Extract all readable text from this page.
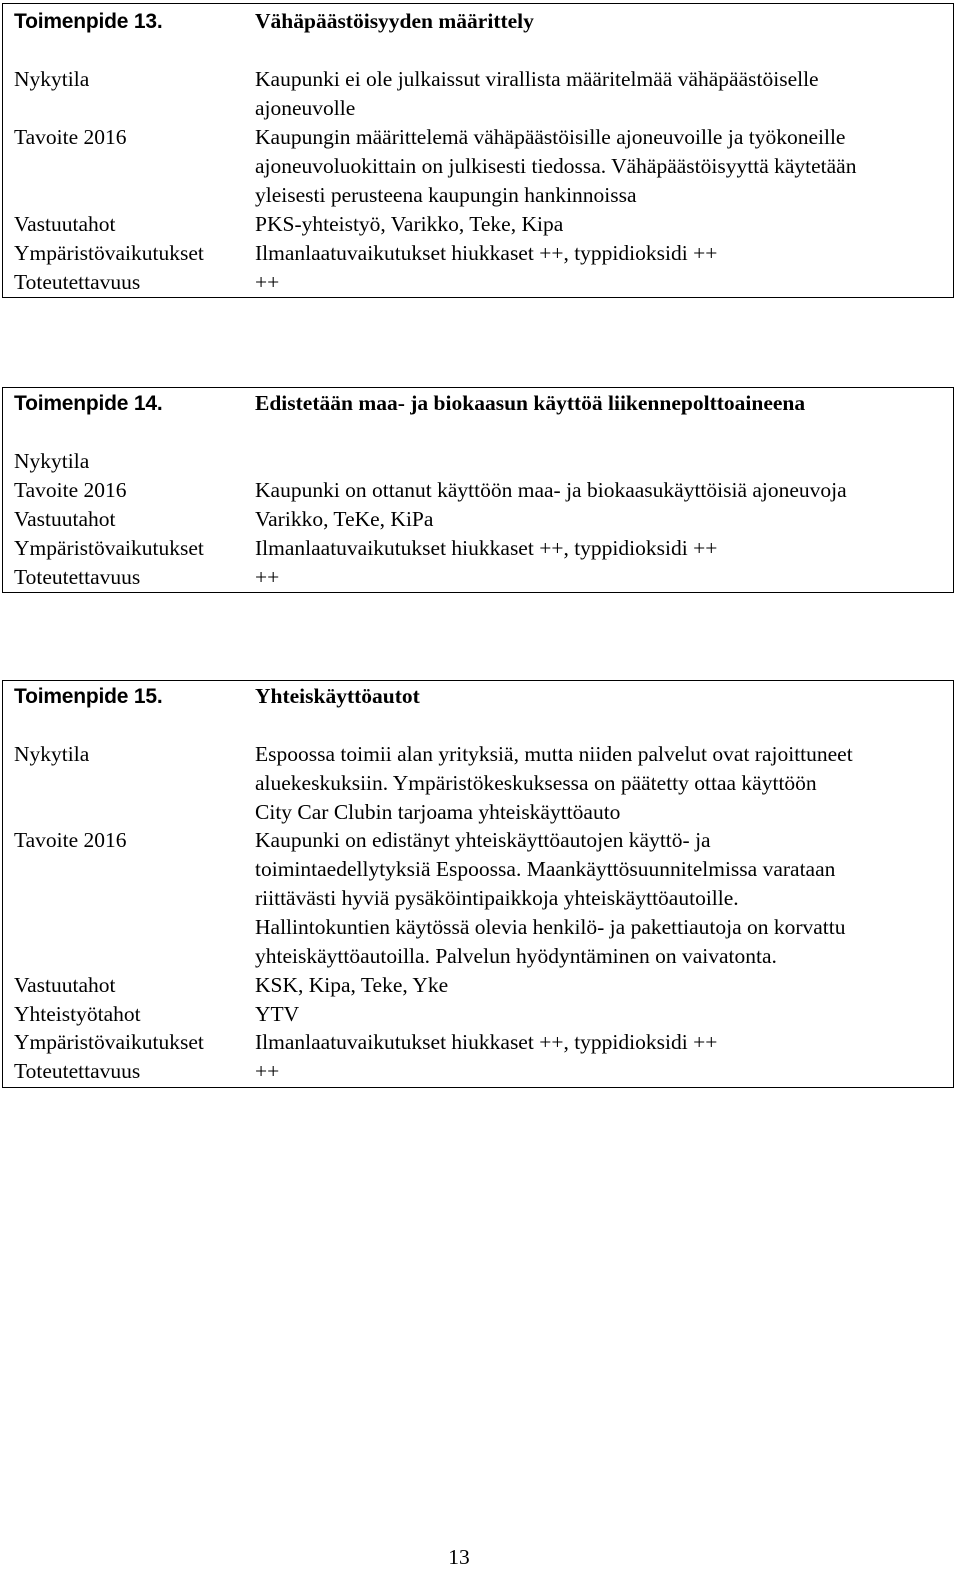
Toimenpide 13.	Vähäpäästöisyyden määrittely
Nykytila	Kaupunki ei ole julkaissut virallista määritelmää vähäpäästöiselle
ajoneuvolle
Tavoite 2016	Kaupungin määrittelemä vähäpäästöisille ajoneuvoille ja työkoneille
ajoneuvoluokittain on julkisesti tiedossa. Vähäpäästöisyyttä käytetään
yleisesti perusteena kaupungin hankinnoissa
Vastuutahot	PKS-yhteistyö, Varikko, Teke, Kipa
Ympäristövaikutukset	Ilmanlaatuvaikutukset hiukkaset ++, typpidioksidi ++
Toteutettavuus	++
Toimenpide 14.	Edistetään maa- ja biokaasun käyttöä liikennepolttoaineena
Nykytila
Tavoite 2016	Kaupunki on ottanut käyttöön maa- ja biokaasukäyttöisiä ajoneuvoja
Vastuutahot	Varikko, TeKe, KiPa
Ympäristövaikutukset	Ilmanlaatuvaikutukset hiukkaset ++, typpidioksidi ++
Toteutettavuus	++
Toimenpide 15.	Yhteiskäyttöautot
Nykytila	Espoossa toimii alan yrityksiä, mutta niiden palvelut ovat rajoittuneet
aluekeskuksiin. Ympäristökeskuksessa on päätetty ottaa käyttöön
City Car Clubin tarjoama yhteiskäyttöauto
Tavoite 2016	Kaupunki on edistänyt yhteiskäyttöautojen käyttö- ja
toimintaedellytyksiä Espoossa. Maankäyttösuunnitelmissa varataan
riittävästi hyviä pysäköintipaikkoja yhteiskäyttöautoille.
Hallintokuntien käytössä olevia henkilö- ja pakettiautoja on korvattu
yhteiskäyttöautoilla. Palvelun hyödyntäminen on vaivatonta.
Vastuutahot	KSK, Kipa, Teke, Yke
Yhteistyötahot	YTV
Ympäristövaikutukset	Ilmanlaatuvaikutukset hiukkaset ++, typpidioksidi ++
Toteutettavuus	++
13
